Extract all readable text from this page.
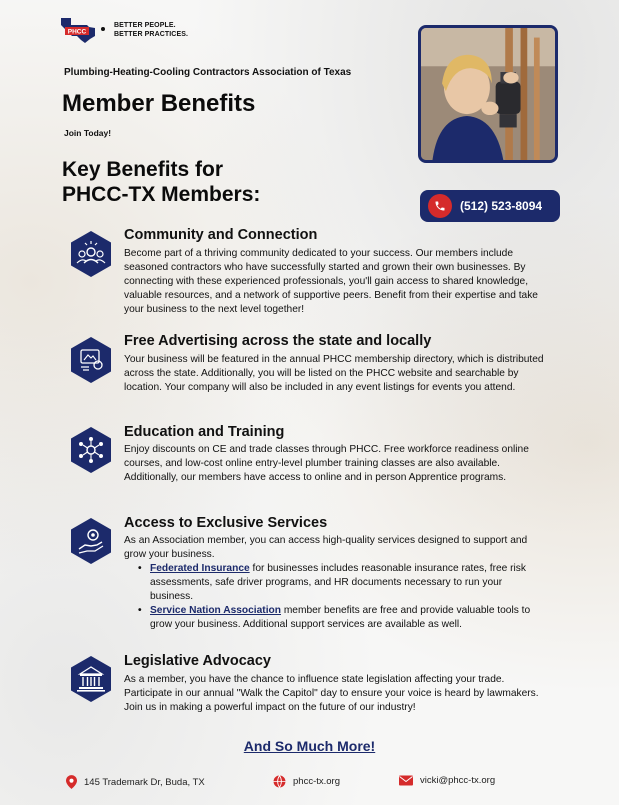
PHCC
BETTER PEOPLE.
BETTER PRACTICES.
Plumbing-Heating-Cooling Contractors Association of Texas
Member Benefits
Join Today!
Key Benefits for
PHCC-TX Members:	(512) 523-8094
Community and Connection
Become part of a thriving community dedicated to your success. Our members include seasoned contractors who have successfully started and grown their own businesses. By connecting with these experienced professionals, you'll gain access to shared knowledge, valuable resources, and a network of supportive peers. Benefit from their expertise and take your business to the next level together!
Free Advertising across the state and locally
Your business will be featured in the annual PHCC membership directory, which is distributed across the state. Additionally, you will be listed on the PHCC website and searchable by location. Your company will also be included in any event listings for events you attend.
Education and Training
Enjoy discounts on CE and trade classes through PHCC. Free workforce readiness online courses, and low-cost online entry-level plumber training classes are also available. Additionally, our members have access to online and in person Apprentice programs.
Access to Exclusive Services
As an Association member, you can access high-quality services designed to support and grow your business.
• Federated Insurance for businesses includes reasonable insurance rates, free risk assessments, safe driver programs, and HR documents necessary to run your business.
• Service Nation Association member benefits are free and provide valuable tools to grow your business. Additional support services are available as well.
Legislative Advocacy
As a member, you have the chance to influence state legislation affecting your trade. Participate in our annual "Walk the Capitol" day to ensure your voice is heard by lawmakers. Join us in making a powerful impact on the future of our industry!
And So Much More!
145 Trademark Dr, Buda, TX	phcc-tx.org	vicki@phcc-tx.org
